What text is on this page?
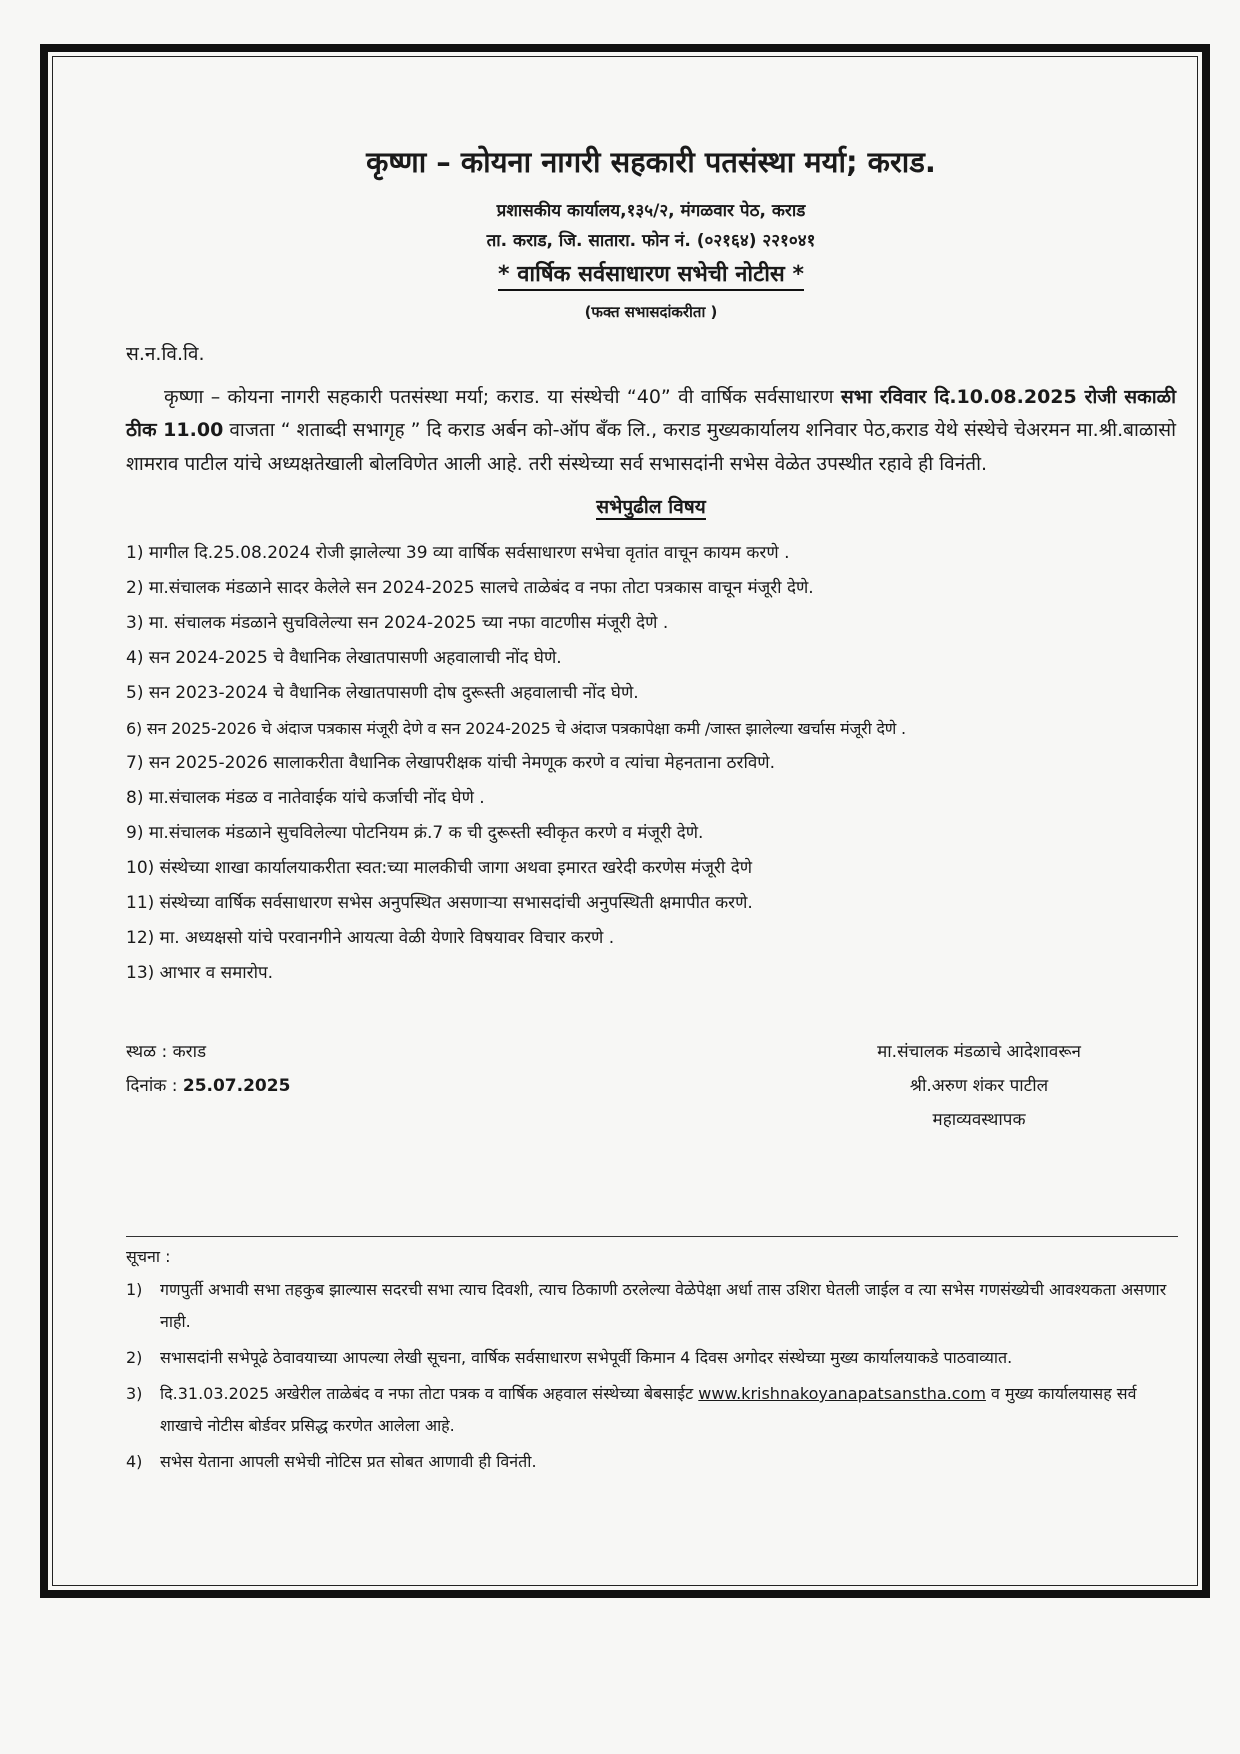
कृष्णा – कोयना नागरी सहकारी पतसंस्था मर्या; कराड.
प्रशासकीय कार्यालय,१३५/२, मंगळवार पेठ, कराड
ता. कराड, जि. सातारा. फोन नं. (०२१६४) २२१०४१
* वार्षिक सर्वसाधारण सभेची नोटीस *
(फक्त सभासदांकरीता )
स.न.वि.वि.

कृष्णा – कोयना नागरी सहकारी पतसंस्था मर्या; कराड. या संस्थेची “40” वी वार्षिक सर्वसाधारण सभा रविवार दि.10.08.2025 रोजी सकाळी ठीक 11.00 वाजता “ शताब्दी सभागृह ” दि कराड अर्बन को-ऑप बँक लि., कराड मुख्यकार्यालय शनिवार पेठ,कराड येथे संस्थेचे चेअरमन मा.श्री.बाळासो शामराव पाटील यांचे अध्यक्षतेखाली बोलविणेत आली आहे. तरी संस्थेच्या सर्व सभासदांनी सभेस वेळेत उपस्थीत रहावे ही विनंती.

सभेपुढील विषय
1) मागील दि.25.08.2024 रोजी झालेल्या 39 व्या वार्षिक सर्वसाधारण सभेचा वृतांत वाचून कायम करणे .
2) मा.संचालक मंडळाने सादर केलेले सन 2024-2025 सालचे ताळेबंद व नफा तोटा पत्रकास वाचून मंजूरी देणे.
3) मा. संचालक मंडळाने सुचविलेल्या सन 2024-2025 च्या नफा वाटणीस मंजूरी देणे .
4) सन 2024-2025 चे वैधानिक लेखातपासणी अहवालाची नोंद घेणे.
5) सन 2023-2024 चे वैधानिक लेखातपासणी दोष दुरूस्ती अहवालाची नोंद घेणे.
6) सन 2025-2026 चे अंदाज पत्रकास मंजूरी देणे व सन 2024-2025 चे अंदाज पत्रकापेक्षा कमी /जास्त झालेल्या खर्चास मंजूरी देणे .
7) सन 2025-2026 सालाकरीता वैधानिक लेखापरीक्षक यांची नेमणूक करणे व त्यांचा मेहनताना ठरविणे.
8) मा.संचालक मंडळ व नातेवाईक यांचे कर्जाची नोंद घेणे .
9) मा.संचालक मंडळाने सुचविलेल्या पोटनियम क्रं.7 क ची दुरूस्ती स्वीकृत करणे व मंजूरी देणे.
10) संस्थेच्या शाखा कार्यालयाकरीता स्वत:च्या मालकीची जागा अथवा इमारत खरेदी करणेस मंजूरी देणे
11) संस्थेच्या वार्षिक सर्वसाधारण सभेस अनुपस्थित असणाऱ्या सभासदांची अनुपस्थिती क्षमापीत करणे.
12) मा. अध्यक्षसो यांचे परवानगीने आयत्या वेळी येणारे विषयावर विचार करणे .
13) आभार व समारोप.
स्थळ : कराड
दिनांक : 25.07.2025
मा.संचालक मंडळाचे आदेशावरून
श्री.अरुण शंकर पाटील
महाव्यवस्थापक
सूचना :
1)	गणपुर्ती अभावी सभा तहकुब झाल्यास सदरची सभा त्याच दिवशी, त्याच ठिकाणी ठरलेल्या वेळेपेक्षा अर्धा तास उशिरा घेतली जाईल व त्या सभेस गणसंख्येची आवश्यकता असणार नाही.
2)	सभासदांनी सभेपूढे ठेवावयाच्या आपल्या लेखी सूचना, वार्षिक सर्वसाधारण सभेपूर्वी किमान 4 दिवस अगोदर संस्थेच्या मुख्य कार्यालयाकडे पाठवाव्यात.
3)	दि.31.03.2025 अखेरील ताळेबंद व नफा तोटा पत्रक व वार्षिक अहवाल संस्थेच्या बेबसाईट www.krishnakoyanapatsanstha.com व मुख्य कार्यालयासह सर्व शाखाचे नोटीस बोर्डवर प्रसिद्ध करणेत आलेला आहे.
4)	सभेस येताना आपली सभेची नोटिस प्रत सोबत आणावी ही विनंती.
